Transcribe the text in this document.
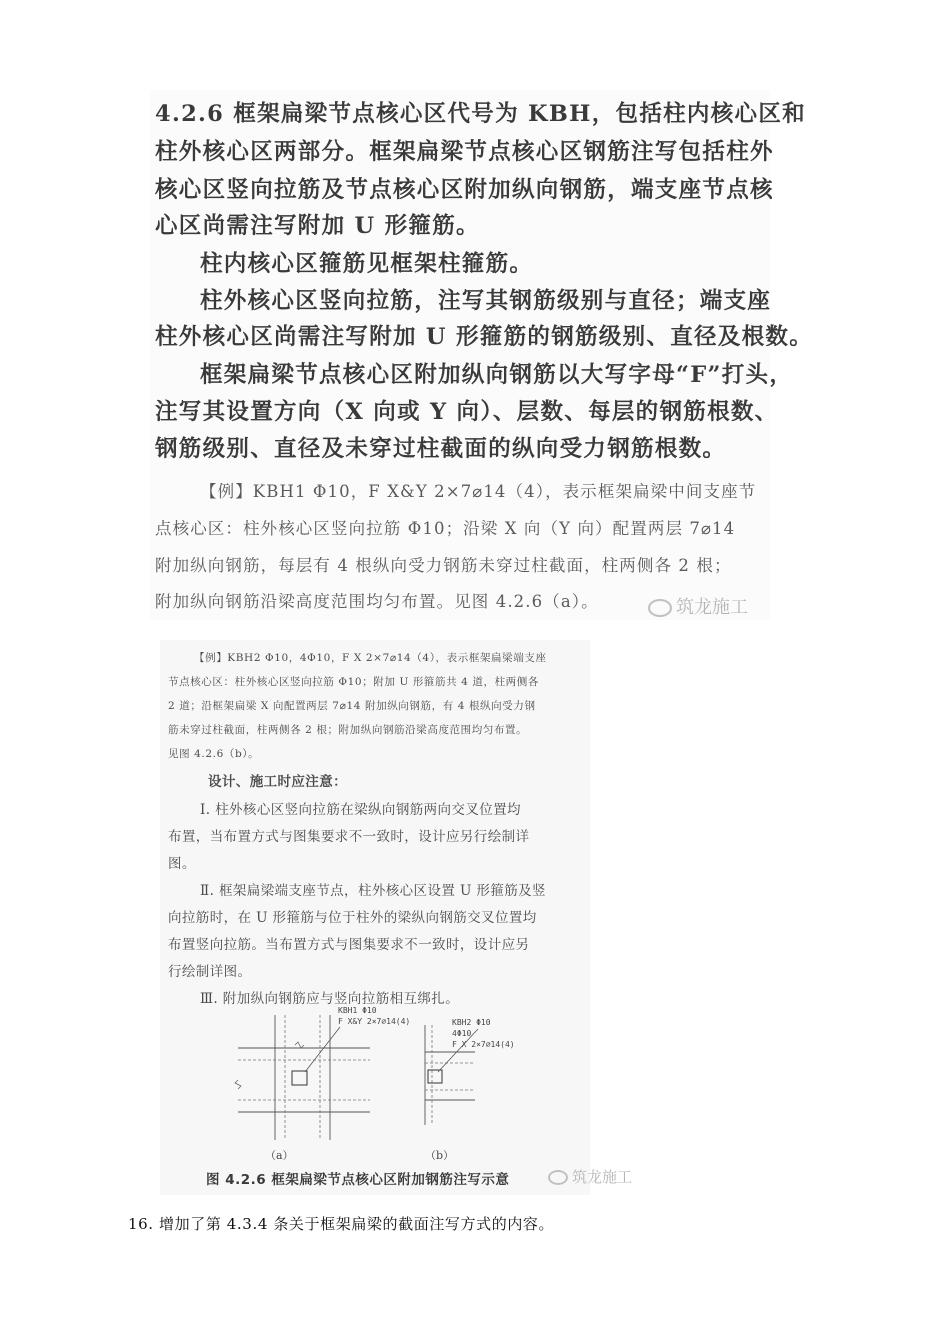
4.2.6 框架扁梁节点核心区代号为 KBH，包括柱内核心区和

柱外核心区两部分。框架扁梁节点核心区钢筋注写包括柱外

核心区竖向拉筋及节点核心区附加纵向钢筋，端支座节点核

心区尚需注写附加 U 形箍筋。

柱内核心区箍筋见框架柱箍筋。

柱外核心区竖向拉筋，注写其钢筋级别与直径；端支座

柱外核心区尚需注写附加 U 形箍筋的钢筋级别、直径及根数。

框架扁梁节点核心区附加纵向钢筋以大写字母“F”打头，

注写其设置方向（X 向或 Y 向）、层数、每层的钢筋根数、

钢筋级别、直径及未穿过柱截面的纵向受力钢筋根数。

【例】KBH1 Φ10，F X&Y 2×7⌀14（4），表示框架扁梁中间支座节

点核心区：柱外核心区竖向拉筋 Φ10；沿梁 X 向（Y 向）配置两层 7⌀14

附加纵向钢筋，每层有 4 根纵向受力钢筋未穿过柱截面，柱两侧各 2 根；

附加纵向钢筋沿梁高度范围均匀布置。见图 4.2.6（a）。	筑龙施工

【例】KBH2 Φ10，4Φ10，F X 2×7⌀14（4），表示框架扁梁端支座

节点核心区：柱外核心区竖向拉筋 Φ10；附加 U 形箍筋共 4 道，柱两侧各

2 道；沿框架扁梁 X 向配置两层 7⌀14 附加纵向钢筋，有 4 根纵向受力钢

筋未穿过柱截面，柱两侧各 2 根；附加纵向钢筋沿梁高度范围均匀布置。

见图 4.2.6（b）。

设计、施工时应注意：

Ⅰ. 柱外核心区竖向拉筋在梁纵向钢筋两向交叉位置均

布置，当布置方式与图集要求不一致时，设计应另行绘制详

图。

Ⅱ. 框架扁梁端支座节点，柱外核心区设置 U 形箍筋及竖

向拉筋时，在 U 形箍筋与位于柱外的梁纵向钢筋交叉位置均

布置竖向拉筋。当布置方式与图集要求不一致时，设计应另

行绘制详图。

Ⅲ. 附加纵向钢筋应与竖向拉筋相互绑扎。

KBH1 Φ10
F X&Y 2×7⌀14(4)	KBH2 Φ10
4Φ10
F X 2×7⌀14(4)
（a）	（b）
图 4.2.6 框架扁梁节点核心区附加钢筋注写示意	筑龙施工
16. 增加了第 4.3.4 条关于框架扁梁的截面注写方式的内容。
